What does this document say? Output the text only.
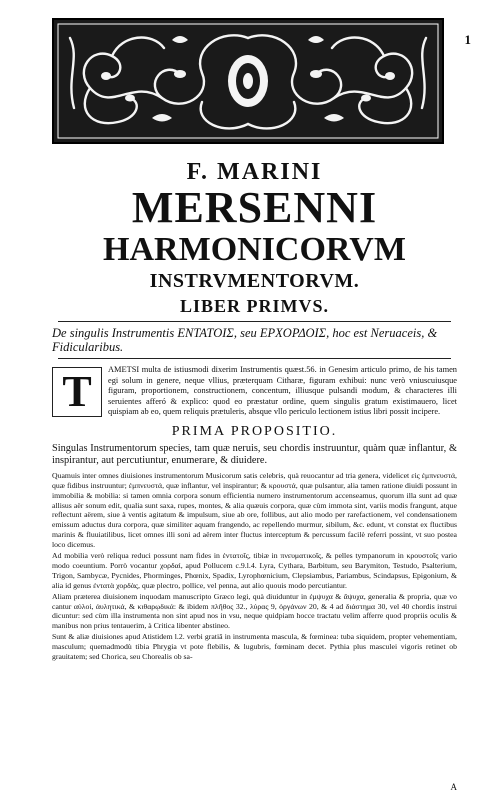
1
F. MARINI
MERSENNI
HARMONICORVM
INSTRVMENTORVM.
LIBER PRIMVS.

De singulis Instrumentis ΕΝΤΑΤΟΙΣ, seu ΕΡΧΟΡΔΟΙΣ, hoc est Neruaceis, & Fidicularibus.

T	AMETSI multa de istiusmodi dixerim Instrumentis quæst.56. in Genesim articulo primo, de his tamen egi solum in genere, neque vllius, præterquam Citharæ, figuram exhibui: nunc verò vniuscuiusque figuram, proportionem, constructionem, concentum, illiusque pulsandi modum, & characteres illi seruientes afferó & explico: quod eo præstatur ordine, quem singulis gratum existimauero, licet quispiam ab eo, quem reliquis prætuleris, absque vllo periculo lectionem istius libri possit incipere.

PRIMA PROPOSITIO.

Singulas Instrumentorum species, tam quæ neruis, seu chordis instruuntur, quàm quæ inflantur, & inspirantur, aut percutiuntur, enumerare, & diuidere.

Quamuis inter omnes diuisiones instrumentorum Musicorum satis celebris, quà reuocantur ad tria genera, videlicet εἰς ἐμπνευστά, quæ fidibus instruuntur; ἐμπνευστά, quæ inflantur, vel inspirantur; & κρουστά, quæ pulsantur, alia tamen ratione diuidi possunt in immobilia & mobilia: si tamen omnia corpora sonum efficientia numero instrumentorum accenseamus, quorum illa sunt ad quæ allisus aër sonum edit, qualia sunt saxa, rupes, montes, & alia quæuis corpora, quæ cùm immota sint, variis modis frangunt, atque reflectunt aërem, siue à ventis agitatum & impulsum, siue ab ore, follibus, aut alio modo per rarefactionem, vel condensationem emissum aductus dura corpora, quæ similiter aquam frangendo, ac repellendo murmur, sibilum, &c. edunt, vt constat ex fluctibus marinis & fluuiatilibus, licet omnes illi soni ad aërem inter fluctus interceptum & percussum facilè referri possint, vt suo postea loco dicemus.

Ad mobilia verò reliqua reduci possunt nam fides in ἐντατοῖς, tibiæ in πνευματικοῖς, & pelles tympanorum in κρουστοῖς vario modo coeuntium. Porrò vocantur χορδαί, apud Pollucem c.9.l.4. Lyra, Cythara, Barbitum, seu Barymiton, Testudo, Psalterium, Trigon, Sambycæ, Pycnides, Phorminges, Phœnix, Spadix, Lyrophœnicium, Clepsiambus, Pariambus, Scindapsus, Epigonium, & alia id genus ἐντατὰ χορδὰς, quæ plectro, pollice, vel penna, aut alio quouis modo percutiantur.

Aliam præterea diuisionem inquodam manuscripto Græco legi, quà diuiduntur in ἐμψυχα & ἄψυχα, generalia & propria, quæ vo cantur αὐλοί, ἀυλητικά, & κιθαρῳδικά: & ibidem πλῆθος 32., λύρας 9, ὀργάνων 20, & 4 ad διάστημα 30, vel 40 chordis instrui dicuntur: sed cùm illa instrumenta non sint apud nos in vsu, neque quidpiam hocce tractatu velim afferre quod propriis oculis & manibus non prius tentauerim, à Critica libenter abstineo.

Sunt & aliæ diuisiones apud Atistidem l.2. verbi gratiâ in instrumenta mascula, & fœminea: tuba siquidem, propter vehementiam, masculum; quemadmodù tibia Phrygia vt pote flebilis, & lugubris, fœminam decet. Pythia plus masculei vigoris retinet ob grauitatem; sed Chorica, seu Chorealis ob sa-

A
